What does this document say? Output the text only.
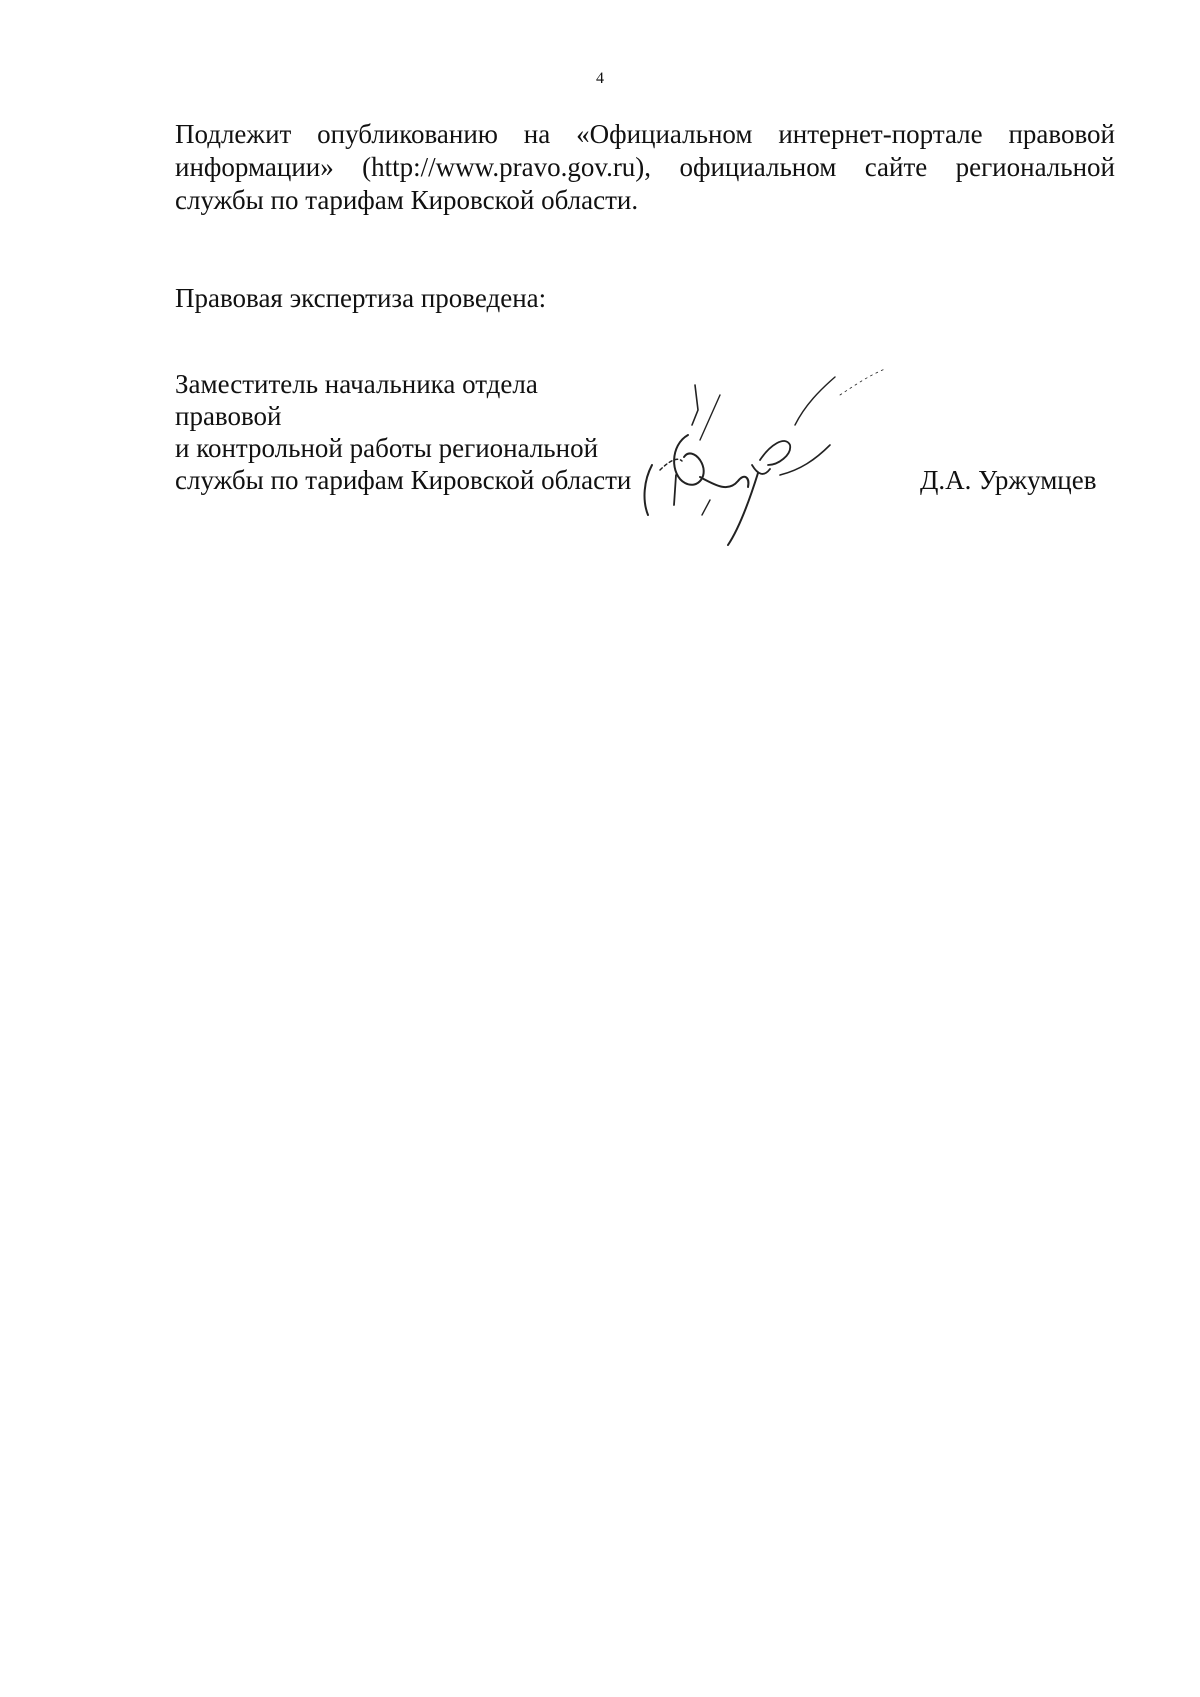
4
Подлежит опубликованию на «Официальном интернет-портале правовой информации» (http://www.pravo.gov.ru), официальном сайте региональной службы по тарифам Кировской области.
Правовая экспертиза проведена:
Заместитель начальника отдела
правовой
и контрольной работы региональной
службы по тарифам Кировской области	Д.А. Уржумцев
